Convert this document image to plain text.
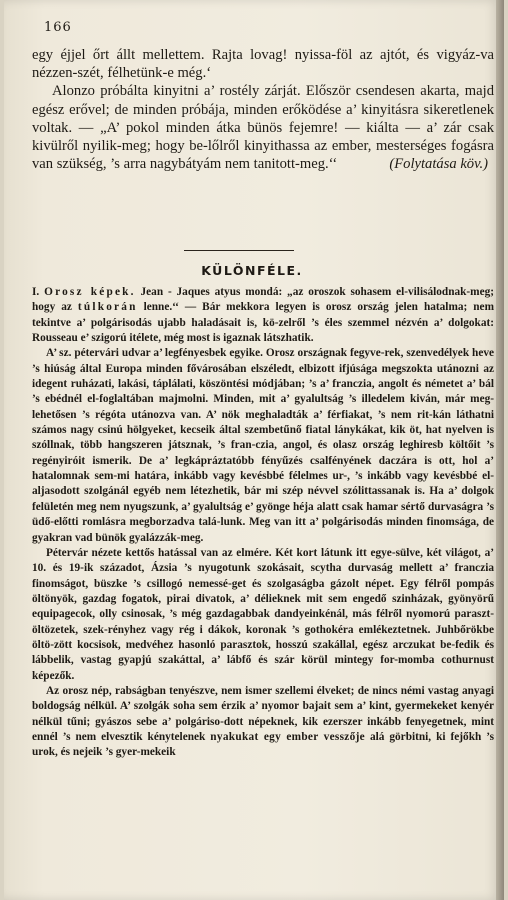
166

egy éjjel őrt állt mellettem. Rajta lovag! nyissa-föl az ajtót, és vigyáz-va nézzen-szét, félhetünk-e még.‘

Alonzo próbálta kinyitni a’ rostély zárját. Először csendesen akarta, majd egész erővel; de minden próbája, minden erőködése a’ kinyitásra sikeretlenek voltak. — „A’ pokol minden átka bünös fejemre! — kiálta — a’ zár csak kivülről nyilik-meg; hogy be-lőlről kinyithassa az ember, mesterséges fogásra van szükség, ’s arra nagybátyám nem tanitott-meg.‘‘	(Folytatása köv.)

KÜLÖNFÉLE.

I. Orosz képek. Jean - Jaques atyus mondá: „az oroszok sohasem el-vilisálodnak-meg; hogy az túlkorán lenne.‘‘ — Bár mekkora legyen is orosz ország jelen hatalma; nem tekintve a’ polgárisodás ujabb haladásait is, kö-zelről ’s éles szemmel nézvén a’ dolgokat: Rousseau e’ szigorú itélete, még most is igaznak látszhatik.

A’ sz. pétervári udvar a’ legfényesbek egyike. Orosz országnak fegyve-rek, szenvedélyek heve ’s hiúság által Europa minden fővárosában elszéledt, elbizott ifjúsága megszokta utánozni az idegent ruházati, lakási, táplálati, köszöntési módjában; ’s a’ franczia, angolt és németet a’ bál ’s ebédnél el-foglaltában majmolni. Minden, mit a’ gyalultság ’s illedelem kiván, már meg-lehetősen ’s régóta utánozva van. A’ nök meghaladták a’ férfiakat, ’s nem rit-kán láthatni számos nagy csinú hölgyeket, kecseik által szembetűnő fiatal lánykákat, kik öt, hat nyelven is szóllnak, több hangszeren játsznak, ’s fran-czia, angol, és olasz ország leghiresb költőit ’s regényiróit ismerik. De a’ legkápráztatóbb fényűzés csalfényének daczára is ott, hol a’ hatalomnak sem-mi határa, inkább vagy kevésbbé félelmes ur-, ’s inkább vagy kevésbbé el-aljasodott szolgánál egyéb nem létezhetik, bár mi szép névvel szólittassanak is. Ha a’ dolgok felületén meg nem nyugszunk, a’ gyalultság e’ gyönge héja alatt csak hamar sértő durvaságra ’s üdő-előtti romlásra megborzadva talá-lunk. Meg van itt a’ polgárisodás minden finomsága, de gyakran vad bünök gyalázzák-meg.

Pétervár nézete kettős hatással van az elmére. Két kort látunk itt egye-sülve, két világot, a’ 10. és 19-ik századot, Ázsia ’s nyugotunk szokásait, scytha durvaság mellett a’ franczia finomságot, büszke ’s csillogó nemessé-get és szolgaságba gázolt népet. Egy félről pompás öltönyök, gazdag fogatok, pirai divatok, a’ délieknek mit sem engedő szinházak, gyönyörű equipagecok, olly csinosak, ’s még gazdagabbak dandyeinkénál, más félről nyomorú paraszt-öltözetek, szek-rényhez vagy rég i dákok, koronak ’s gothokéra emlékeztetnek. Juhbőrökbe öltö-zött kocsisok, medvéhez hasonló parasztok, hosszú szakállal, egész arczukat be-fedik és lábbelik, vastag gyapjú szakáttal, a’ lábfő és szár körül mintegy for-momba cothurnust képezők.

Az orosz nép, rabságban tenyészve, nem ismer szellemi élveket; de nincs némi vastag anyagi boldogság nélkül. A’ szolgák soha sem érzik a’ nyomor bajait sem a’ kint, gyermekeket kenyér nélkül tűni; gyászos sebe a’ polgáriso-dott népeknek, kik ezerszer inkább fenyegetnek, mint ennél ’s nem elvesztik kénytelenek nyakukat egy ember vesszője alá görbitni, ki fejőkh ’s urok, és nejeik ’s gyer-mekeik
